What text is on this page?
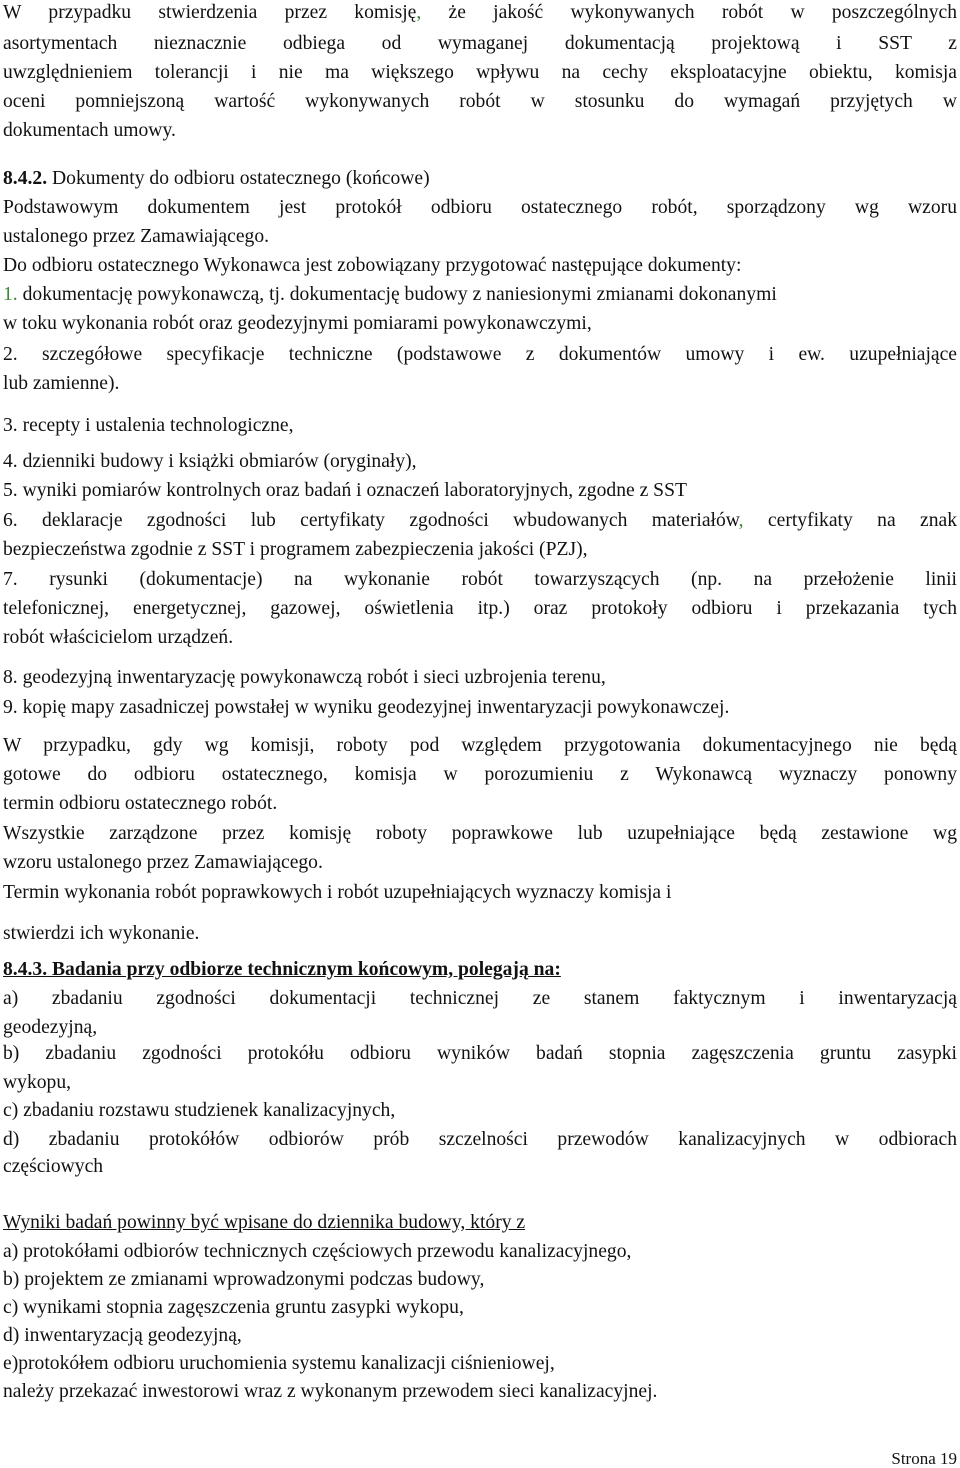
W przypadku stwierdzenia przez komisję, że jakość wykonywanych robót w poszczególnych
asortymentach nieznacznie odbiega od wymaganej dokumentacją projektową i SST z
uwzględnieniem tolerancji i nie ma większego wpływu na cechy eksploatacyjne obiektu, komisja
oceni pomniejszoną wartość wykonywanych robót w stosunku do wymagań przyjętych w
dokumentach umowy.
8.4.2. Dokumenty do odbioru ostatecznego (końcowe)
Podstawowym dokumentem jest protokół odbioru ostatecznego robót, sporządzony wg wzoru
ustalonego przez Zamawiającego.
Do odbioru ostatecznego Wykonawca jest zobowiązany przygotować następujące dokumenty:
1. dokumentację powykonawczą, tj. dokumentację budowy z naniesionymi zmianami dokonanymi
w toku wykonania robót oraz geodezyjnymi pomiarami powykonawczymi,
2. szczegółowe specyfikacje techniczne (podstawowe z dokumentów umowy i ew. uzupełniające
lub zamienne).
3. recepty i ustalenia technologiczne,
4. dzienniki budowy i książki obmiarów (oryginały),
5. wyniki pomiarów kontrolnych oraz badań i oznaczeń laboratoryjnych, zgodne z SST
6. deklaracje zgodności lub certyfikaty zgodności wbudowanych materiałów, certyfikaty na znak
bezpieczeństwa zgodnie z SST i programem zabezpieczenia jakości (PZJ),
7. rysunki (dokumentacje) na wykonanie robót towarzyszących (np. na przełożenie linii
telefonicznej, energetycznej, gazowej, oświetlenia itp.) oraz protokoły odbioru i przekazania tych
robót właścicielom urządzeń.
8. geodezyjną inwentaryzację powykonawczą robót i sieci uzbrojenia terenu,
9. kopię mapy zasadniczej powstałej w wyniku geodezyjnej inwentaryzacji powykonawczej.
W przypadku, gdy wg komisji, roboty pod względem przygotowania dokumentacyjnego nie będą
gotowe do odbioru ostatecznego, komisja w porozumieniu z Wykonawcą wyznaczy ponowny
termin odbioru ostatecznego robót.
Wszystkie zarządzone przez komisję roboty poprawkowe lub uzupełniające będą zestawione wg
wzoru ustalonego przez Zamawiającego.
Termin wykonania robót poprawkowych i robót uzupełniających wyznaczy komisja i
stwierdzi ich wykonanie.
8.4.3. Badania przy odbiorze technicznym końcowym, polegają na:
a) zbadaniu zgodności dokumentacji technicznej ze stanem faktycznym i inwentaryzacją
geodezyjną,
b) zbadaniu zgodności protokółu odbioru wyników badań stopnia zagęszczenia gruntu zasypki
wykopu,
c) zbadaniu rozstawu studzienek kanalizacyjnych,
d) zbadaniu protokółów odbiorów prób szczelności przewodów kanalizacyjnych w odbiorach
częściowych
Wyniki badań powinny być wpisane do dziennika budowy, który z
a) protokółami odbiorów technicznych częściowych przewodu kanalizacyjnego,
b) projektem ze zmianami wprowadzonymi podczas budowy,
c) wynikami stopnia zagęszczenia gruntu zasypki wykopu,
d) inwentaryzacją geodezyjną,
e)protokółem odbioru uruchomienia systemu kanalizacji ciśnieniowej,
należy przekazać inwestorowi wraz z wykonanym przewodem sieci kanalizacyjnej.
Strona 19
